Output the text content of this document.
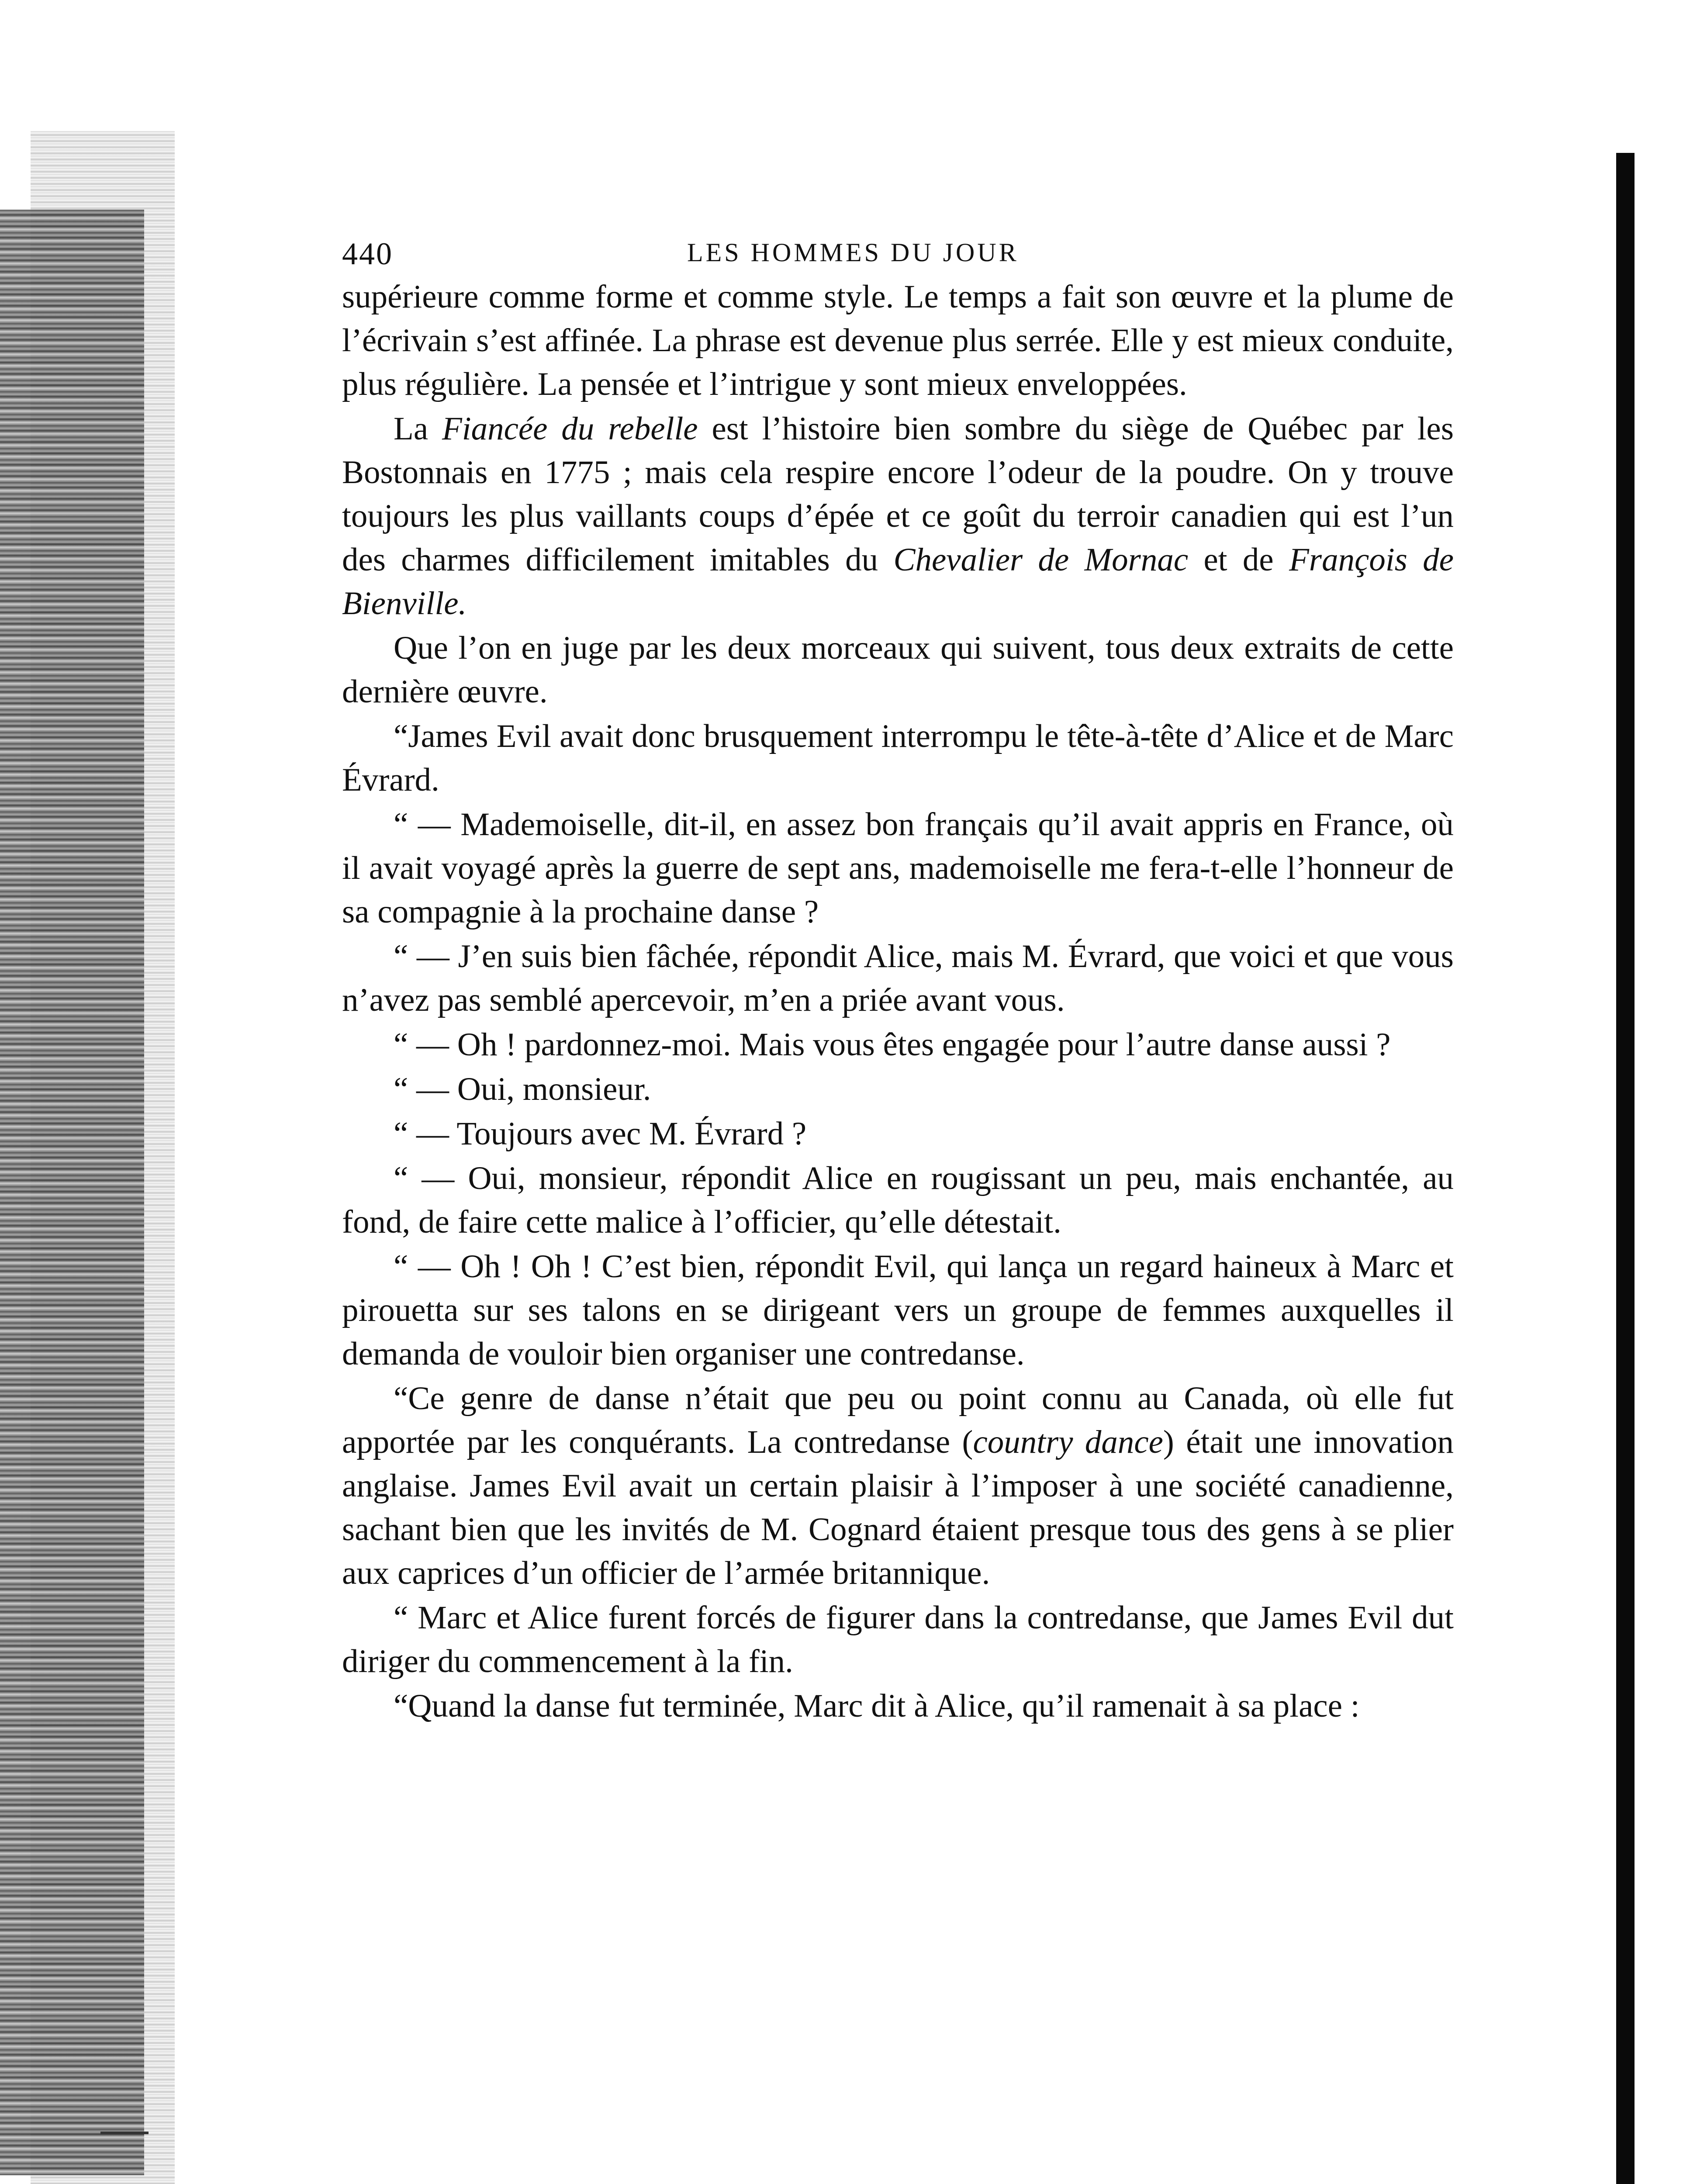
440	LES HOMMES DU JOUR

supérieure comme forme et comme style. Le temps a fait son œuvre et la plume de l’écrivain s’est affinée. La phrase est devenue plus serrée. Elle y est mieux conduite, plus régulière. La pensée et l’intrigue y sont mieux enveloppées.

La Fiancée du rebelle est l’histoire bien sombre du siège de Québec par les Bostonnais en 1775 ; mais cela respire encore l’odeur de la poudre. On y trouve toujours les plus vaillants coups d’épée et ce goût du terroir canadien qui est l’un des charmes difficilement imitables du Chevalier de Mornac et de François de Bienville.

Que l’on en juge par les deux morceaux qui suivent, tous deux extraits de cette dernière œuvre.

“James Evil avait donc brusquement interrompu le tête-à-tête d’Alice et de Marc Évrard.

“ — Mademoiselle, dit-il, en assez bon français qu’il avait appris en France, où il avait voyagé après la guerre de sept ans, mademoiselle me fera-t-elle l’honneur de sa compagnie à la prochaine danse ?

“ — J’en suis bien fâchée, répondit Alice, mais M. Évrard, que voici et que vous n’avez pas semblé apercevoir, m’en a priée avant vous.

“ — Oh ! pardonnez-moi. Mais vous êtes engagée pour l’autre danse aussi ?

“ — Oui, monsieur.

“ — Toujours avec M. Évrard ?

“ — Oui, monsieur, répondit Alice en rougissant un peu, mais enchantée, au fond, de faire cette malice à l’officier, qu’elle détestait.

“ — Oh ! Oh ! C’est bien, répondit Evil, qui lança un regard haineux à Marc et pirouetta sur ses talons en se dirigeant vers un groupe de femmes auxquelles il demanda de vouloir bien organiser une contredanse.

“Ce genre de danse n’était que peu ou point connu au Canada, où elle fut apportée par les conquérants. La contredanse (country dance) était une innovation anglaise. James Evil avait un certain plaisir à l’imposer à une société canadienne, sachant bien que les invités de M. Cognard étaient presque tous des gens à se plier aux caprices d’un officier de l’armée britannique.

“ Marc et Alice furent forcés de figurer dans la contredanse, que James Evil dut diriger du commencement à la fin.

“Quand la danse fut terminée, Marc dit à Alice, qu’il ramenait à sa place :
